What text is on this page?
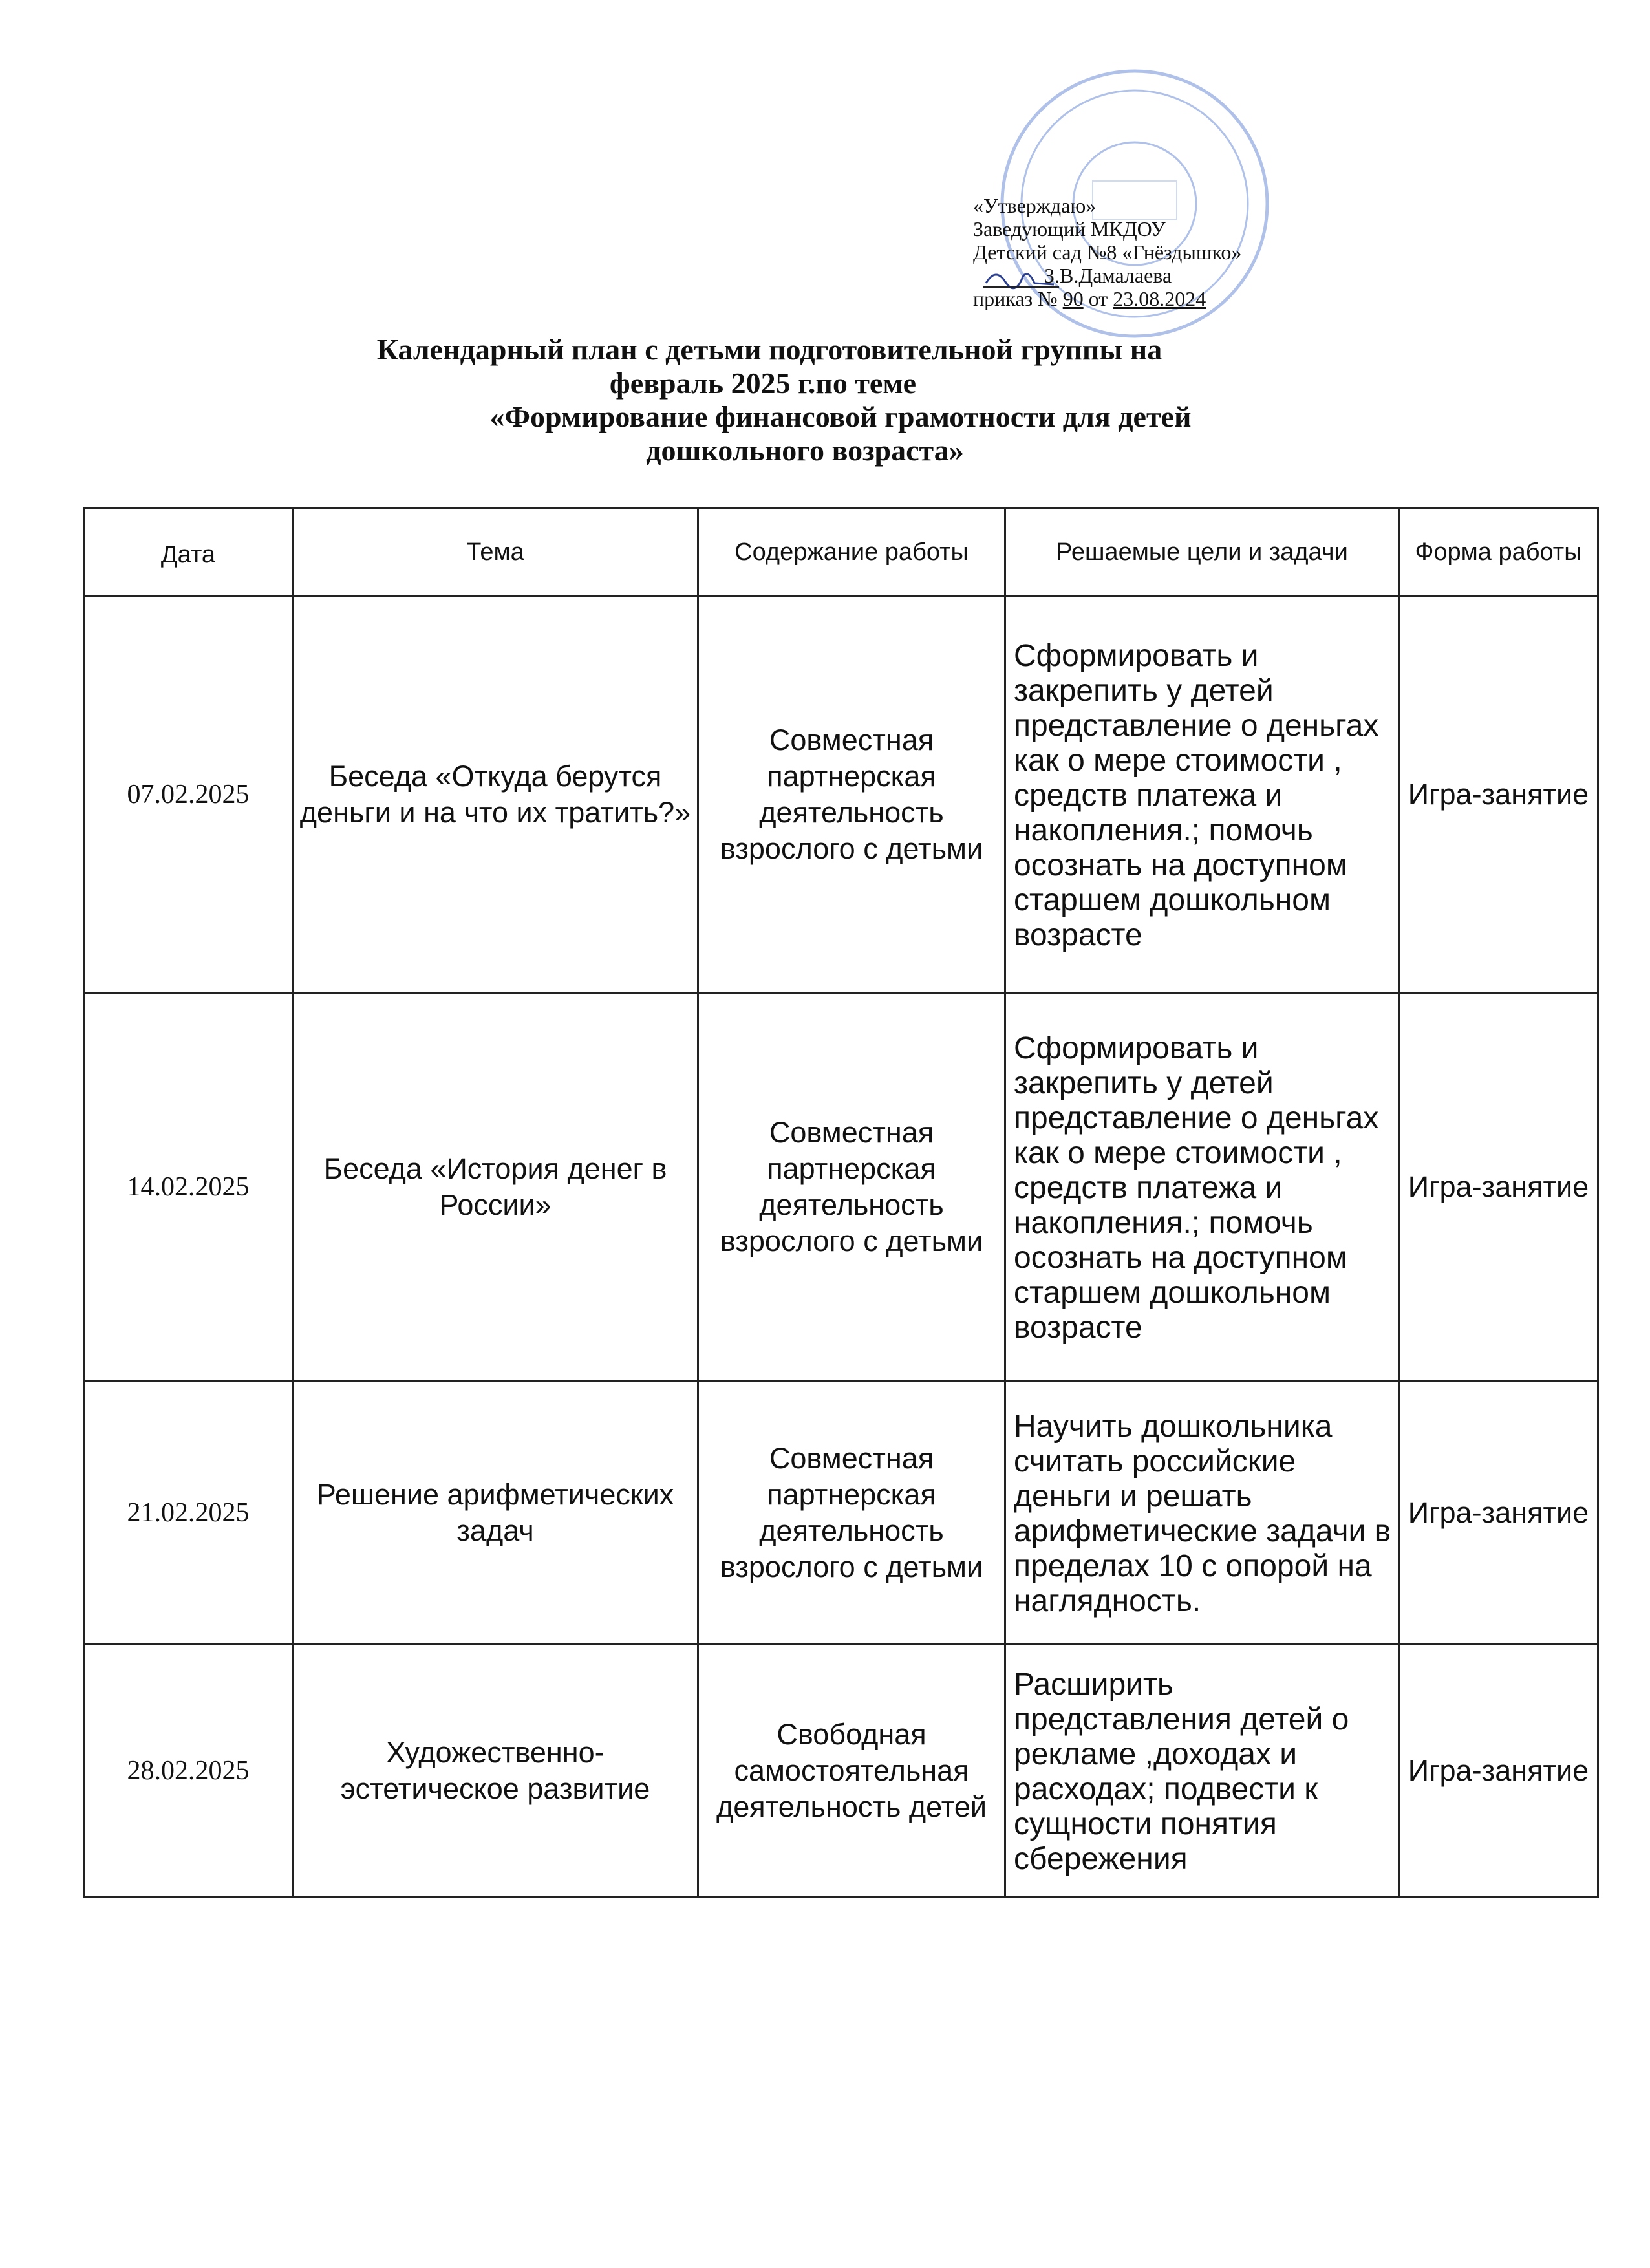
«Утверждаю»
Заведующий МКДОУ
Детский сад №8 «Гнёздышко»
З.В.Дамалаева
приказ № 90 от 23.08.2024
Календарный план с детьми подготовительной группы на
февраль 2025 г.по теме
«Формирование финансовой грамотности для детей
дошкольного возраста»
Дата	Тема	Содержание работы	Решаемые цели и задачи	Форма работы
07.02.2025	Беседа «Откуда берутся деньги и на что их тратить?»	Совместная партнерская деятельность взрослого с детьми	Сформировать и закрепить у детей представление о деньгах как о мере стоимости , средств платежа и накопления.; помочь осознать на доступном старшем дошкольном возрасте	Игра-занятие
14.02.2025	Беседа «История денег в России»	Совместная партнерская деятельность взрослого с детьми	Сформировать и закрепить у детей представление о деньгах как о мере стоимости , средств платежа и накопления.; помочь осознать на доступном старшем дошкольном возрасте	Игра-занятие
21.02.2025	Решение арифметических задач	Совместная партнерская деятельность взрослого с детьми	Научить дошкольника считать российские деньги и решать арифметические задачи в пределах 10 с опорой на наглядность.	Игра-занятие
28.02.2025	Художественно-эстетическое развитие	Свободная самостоятельная деятельность детей	Расширить представления детей о рекламе ,доходах и расходах; подвести к сущности понятия сбережения	Игра-занятие
